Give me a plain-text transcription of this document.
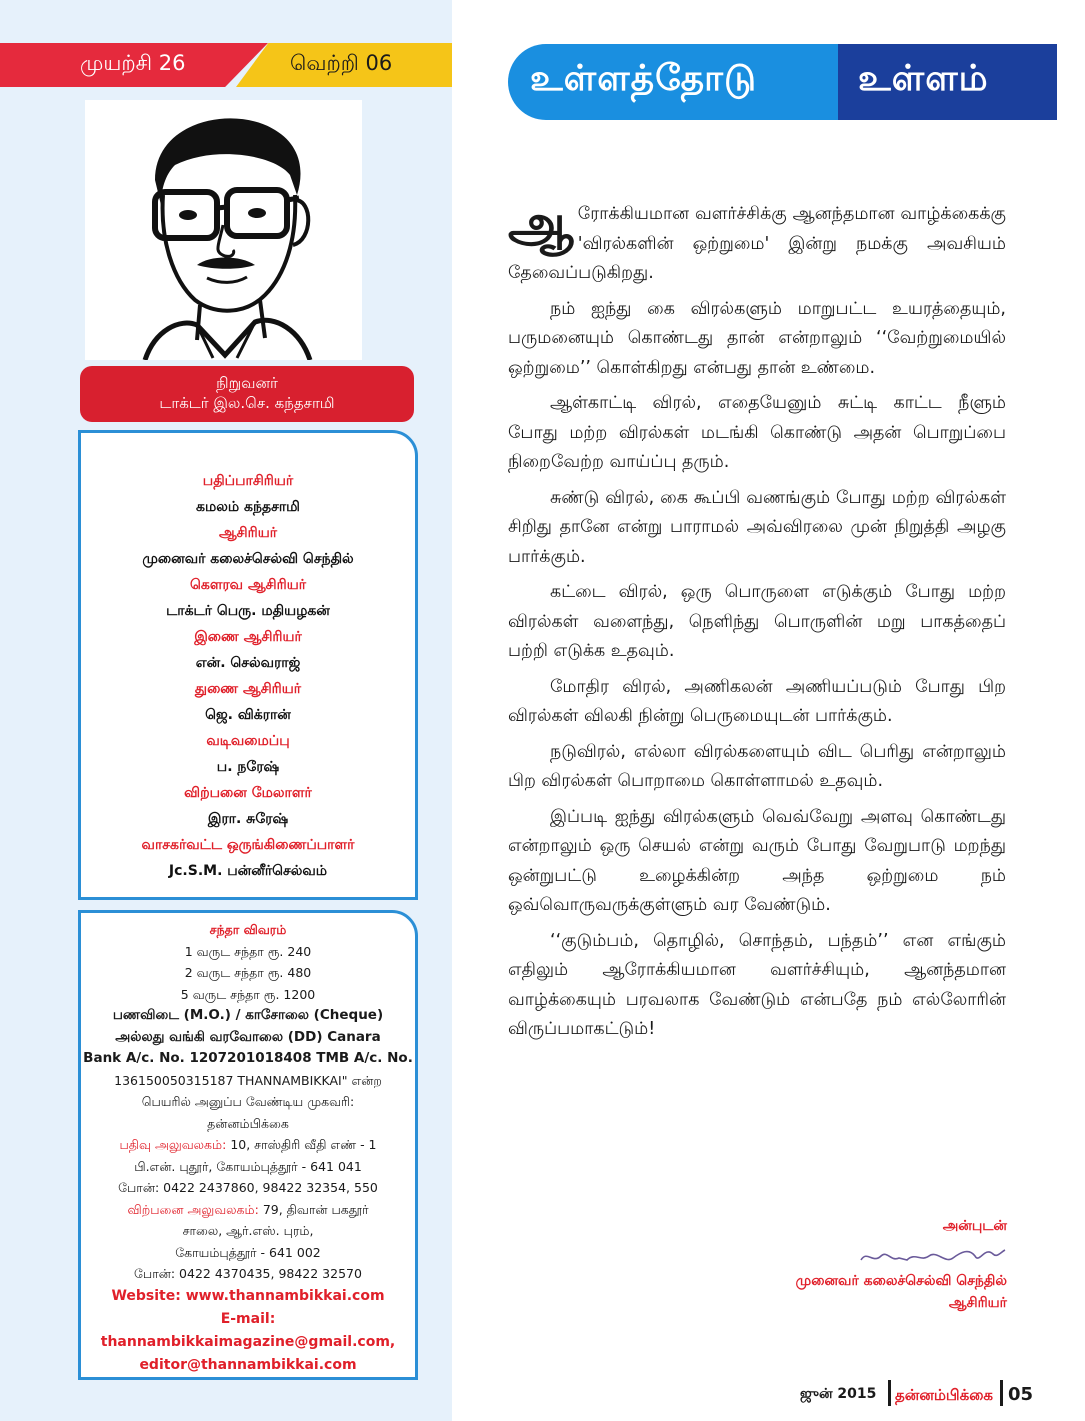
முயற்சி 26	வெற்றி 06
நிறுவனர்
டாக்டர் இல.செ. கந்தசாமி
பதிப்பாசிரியர்
கமலம் கந்தசாமி
ஆசிரியர்
முனைவர் கலைச்செல்வி செந்தில்
கௌரவ ஆசிரியர்
டாக்டர் பெரு. மதியழகன்
இணை ஆசிரியர்
என். செல்வராஜ்
துணை ஆசிரியர்
ஜெ. விக்ரான்
வடிவமைப்பு
ப. நரேஷ்
விற்பனை மேலாளர்
இரா. சுரேஷ்
வாசகர்வட்ட ஒருங்கிணைப்பாளர்
Jc.S.M. பன்னீர்செல்வம்
சந்தா விவரம்
1 வருட சந்தா ரூ. 240
2 வருட சந்தா ரூ. 480
5 வருட சந்தா ரூ. 1200
பணவிடை (M.O.) / காசோலை (Cheque)
அல்லது வங்கி வரவோலை (DD) Canara
Bank A/c. No. 1207201018408 TMB A/c. No.
136150050315187 THANNAMBIKKAI" என்ற
பெயரில் அனுப்ப வேண்டிய முகவரி:
தன்னம்பிக்கை
பதிவு அலுவலகம்: 10, சாஸ்திரி வீதி எண் - 1
பி.என். புதூர், கோயம்புத்தூர் - 641 041
போன்: 0422 2437860, 98422 32354, 550
விற்பனை அலுவலகம்: 79, திவான் பகதூர்
சாலை, ஆர்.எஸ். புரம்,
கோயம்புத்தூர் - 641 002
போன்: 0422 4370435, 98422 32570
Website: www.thannambikkai.com
E-mail: thannambikkaimagazine@gmail.com,
editor@thannambikkai.com
உள்ளத்தோடு	உள்ளம்

ஆரோக்கியமான வளர்ச்சிக்கு ஆனந்தமான வாழ்க்கைக்கு 'விரல்களின் ஒற்றுமை' இன்று நமக்கு அவசியம் தேவைப்படுகிறது.

நம் ஐந்து கை விரல்களும் மாறுபட்ட உயரத்தையும், பருமனையும் கொண்டது தான் என்றாலும் ‘‘வேற்றுமையில் ஒற்றுமை’’ கொள்கிறது என்பது தான் உண்மை.

ஆள்காட்டி விரல், எதையேனும் சுட்டி காட்ட நீளும் போது மற்ற விரல்கள் மடங்கி கொண்டு அதன் பொறுப்பை நிறைவேற்ற வாய்ப்பு தரும்.

சுண்டு விரல், கை கூப்பி வணங்கும் போது மற்ற விரல்கள் சிறிது தானே என்று பாராமல் அவ்விரலை முன் நிறுத்தி அழகு பார்க்கும்.

கட்டை விரல், ஒரு பொருளை எடுக்கும் போது மற்ற விரல்கள் வளைந்து, நெளிந்து பொருளின் மறு பாகத்தைப் பற்றி எடுக்க உதவும்.

மோதிர விரல், அணிகலன் அணியப்படும் போது பிற விரல்கள் விலகி நின்று பெருமையுடன் பார்க்கும்.

நடுவிரல், எல்லா விரல்களையும் விட பெரிது என்றாலும் பிற விரல்கள் பொறாமை கொள்ளாமல் உதவும்.

இப்படி ஐந்து விரல்களும் வெவ்வேறு அளவு கொண்டது என்றாலும் ஒரு செயல் என்று வரும் போது வேறுபாடு மறந்து ஒன்றுபட்டு உழைக்கின்ற அந்த ஒற்றுமை நம் ஒவ்வொருவருக்குள்ளும் வர வேண்டும்.

‘‘குடும்பம், தொழில், சொந்தம், பந்தம்’’ என எங்கும் எதிலும் ஆரோக்கியமான வளர்ச்சியும், ஆனந்தமான வாழ்க்கையும் பரவலாக வேண்டும் என்பதே நம் எல்லோரின் விருப்பமாகட்டும்!

அன்புடன்
முனைவர் கலைச்செல்வி செந்தில்
ஆசிரியர்
ஜுன் 2015 தன்னம்பிக்கை 05
